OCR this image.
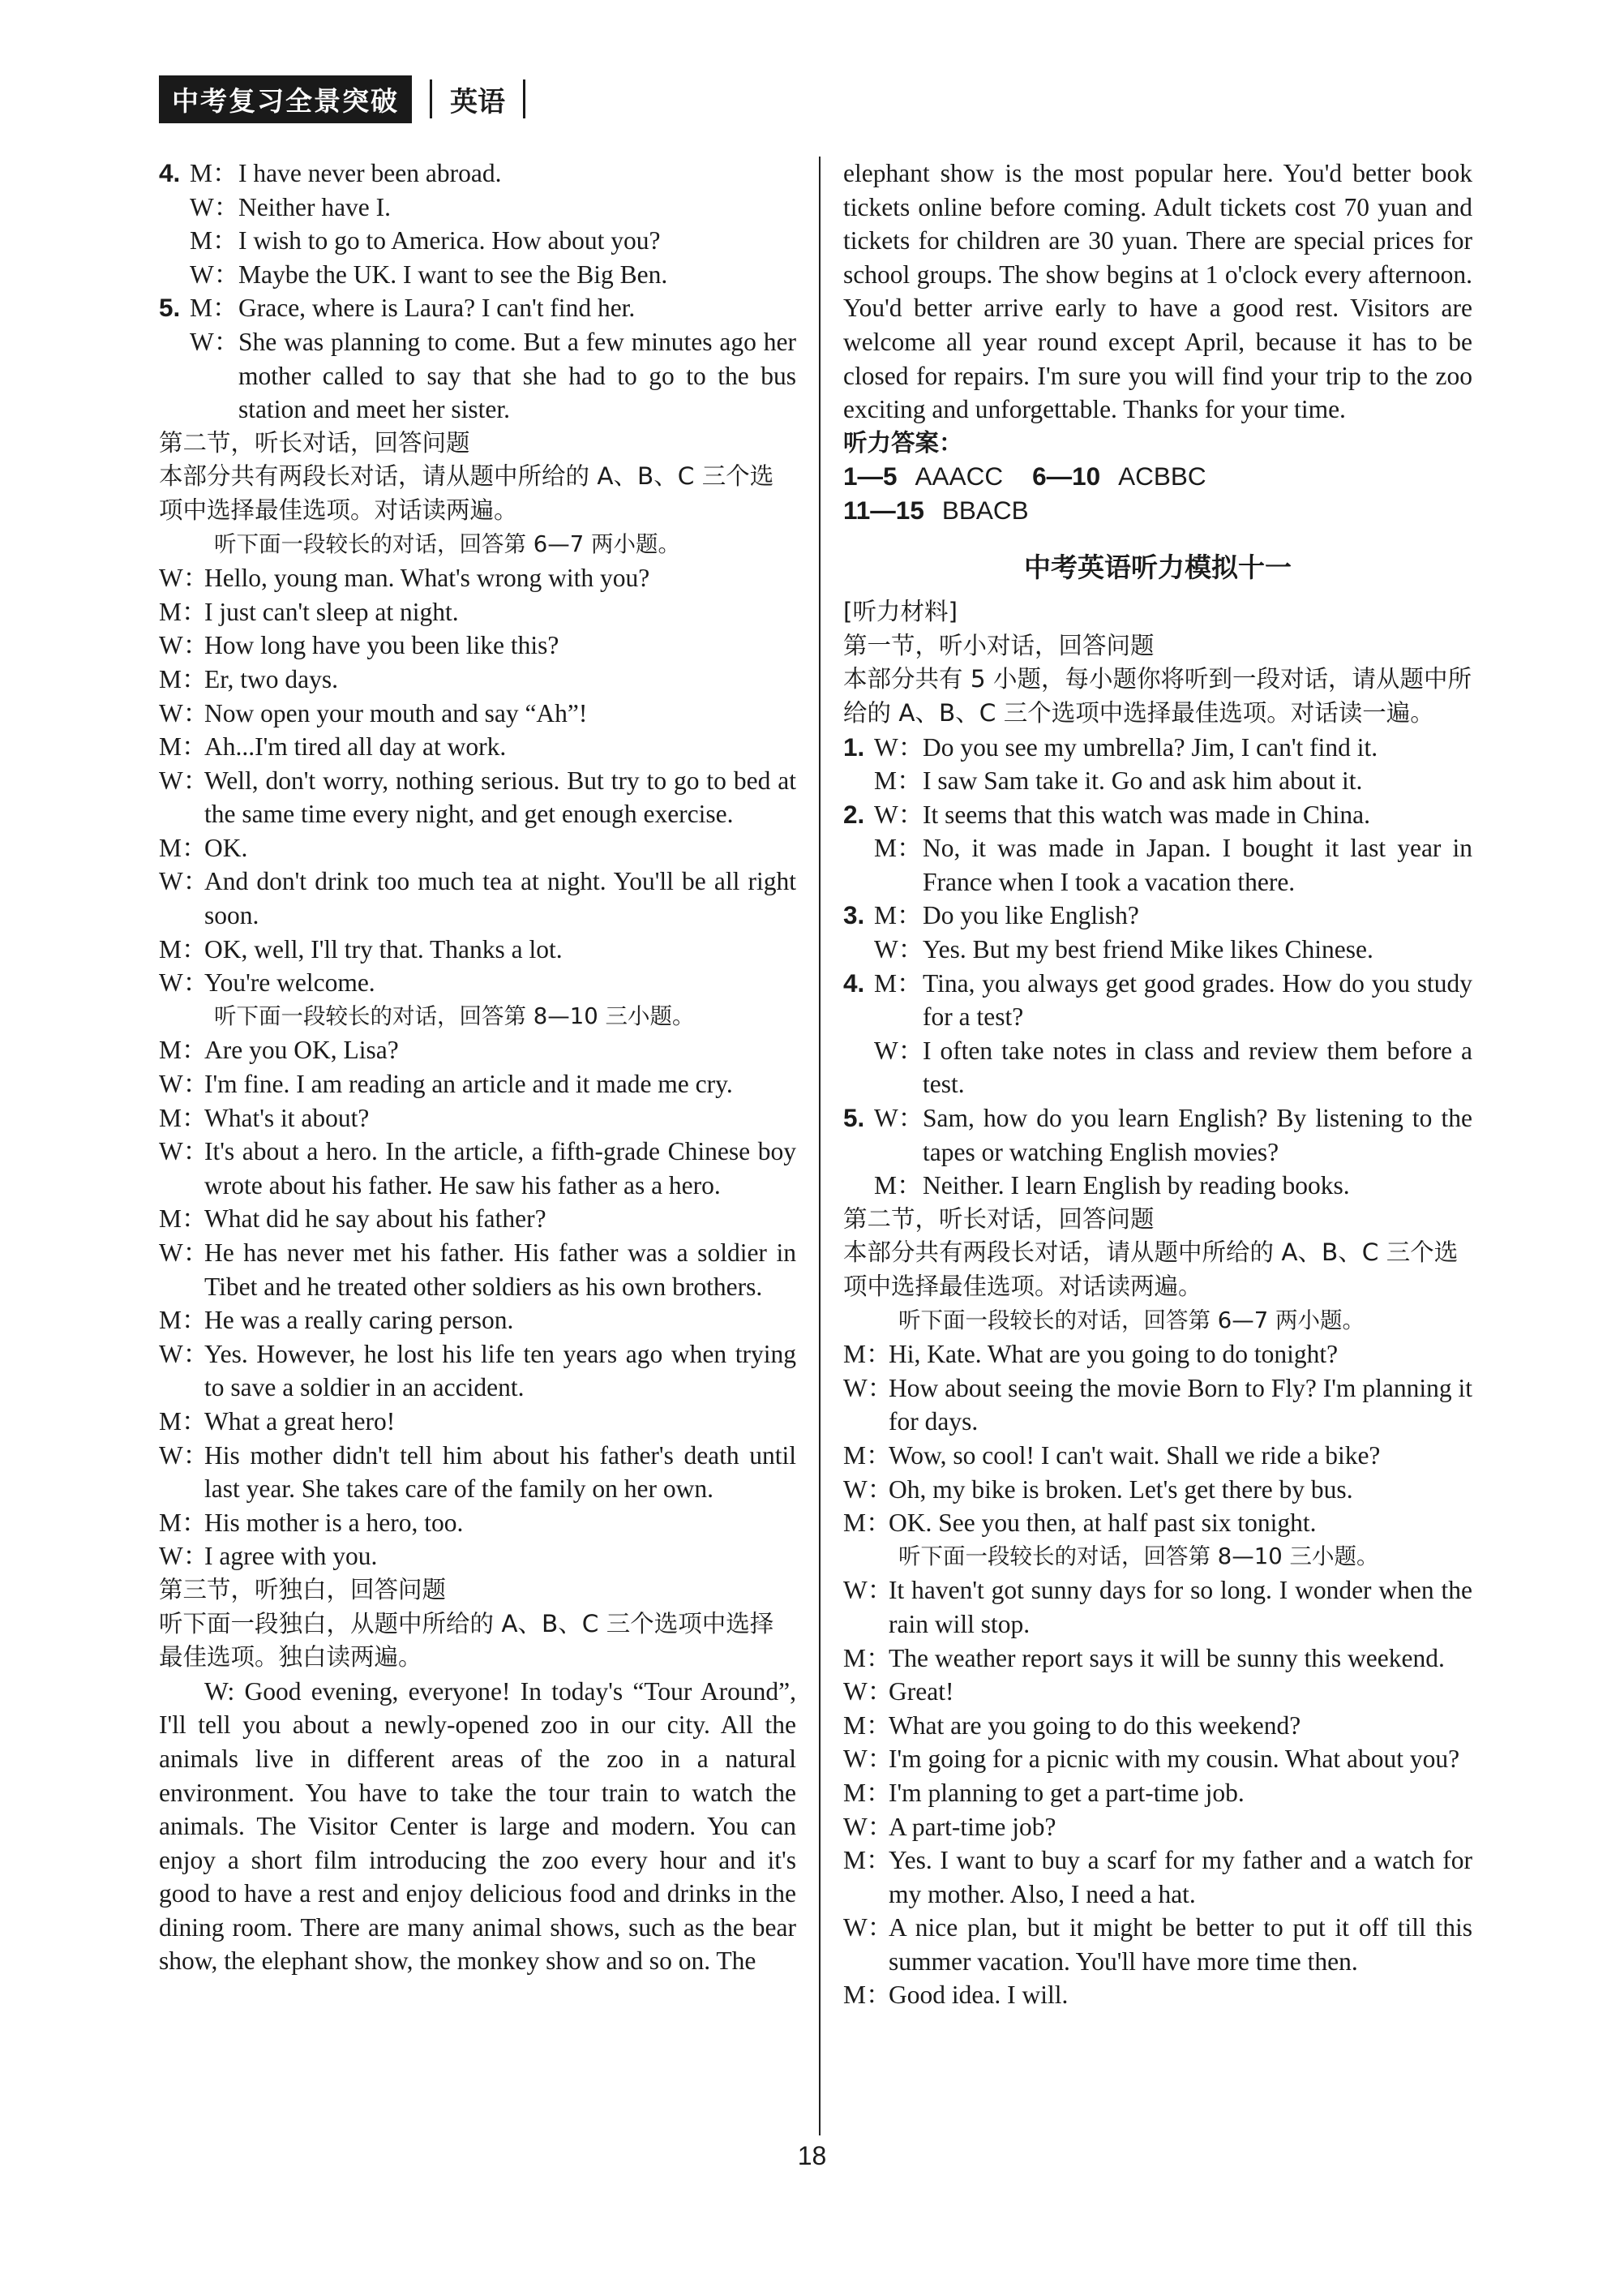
中考复习全景突破	英语
4. M： I have never been abroad.
W：
Neither have I.
M： I wish to go to America. How about you?
W：
Maybe the UK. I want to see the Big Ben.
5. M： Grace, where is Laura? I can't find her.
W：
She was planning to come. But a few minutes ago her mother called to say that she had to go to the bus station and meet her sister.
第二节，听长对话，回答问题
本部分共有两段长对话，请从题中所给的 A、B、C 三个选项中选择最佳选项。对话读两遍。
听下面一段较长的对话，回答第 6—7 两小题。
W：
Hello, young man. What's wrong with you?
M：
I just can't sleep at night.
W：
How long have you been like this?
M：
Er, two days.
W：
Now open your mouth and say “Ah”!
M：
Ah...I'm tired all day at work.
W：
Well, don't worry, nothing serious. But try to go to bed at the same time every night, and get enough exercise.
M：
OK.
W：
And don't drink too much tea at night. You'll be all right soon.
M：
OK, well, I'll try that. Thanks a lot.
W：
You're welcome.
听下面一段较长的对话，回答第 8—10 三小题。
M：
Are you OK, Lisa?
W：
I'm fine. I am reading an article and it made me cry.
M：
What's it about?
W：
It's about a hero. In the article, a fifth-grade Chinese boy wrote about his father. He saw his father as a hero.
M：
What did he say about his father?
W：
He has never met his father. His father was a soldier in Tibet and he treated other soldiers as his own brothers.
M：
He was a really caring person.
W：
Yes. However, he lost his life ten years ago when trying to save a soldier in an accident.
M：
What a great hero!
W：
His mother didn't tell him about his father's death until last year. She takes care of the family on her own.
M：
His mother is a hero, too.
W：
I agree with you.
第三节，听独白，回答问题
听下面一段独白，从题中所给的 A、B、C 三个选项中选择最佳选项。独白读两遍。
W: Good evening, everyone! In today's “Tour Around”, I'll tell you about a newly-opened zoo in our city. All the animals live in different areas of the zoo in a natural environment. You have to take the tour train to watch the animals. The Visitor Center is large and modern. You can enjoy a short film introducing the zoo every hour and it's good to have a rest and enjoy delicious food and drinks in the dining room. There are many animal shows, such as the bear show, the elephant show, the monkey show and so on. The
elephant show is the most popular here. You'd better book tickets online before coming. Adult tickets cost 70 yuan and tickets for children are 30 yuan. There are special prices for school groups. The show begins at 1 o'clock every afternoon. You'd better arrive early to have a good rest. Visitors are welcome all year round except April, because it has to be closed for repairs. I'm sure you will find your trip to the zoo exciting and unforgettable. Thanks for your time.
听力答案：
1—5 AAACC 6—10 ACBBC
11—15 BBACB
中考英语听力模拟十一
[听力材料]
第一节，听小对话，回答问题
本部分共有 5 小题，每小题你将听到一段对话，请从题中所给的 A、B、C 三个选项中选择最佳选项。对话读一遍。
1. W：
Do you see my umbrella? Jim, I can't find it.
M： I saw Sam take it. Go and ask him about it.
2. W：
It seems that this watch was made in China.
M： No, it was made in Japan. I bought it last year in France when I took a vacation there.
3. M： Do you like English?
W：
Yes. But my best friend Mike likes Chinese.
4. M： Tina, you always get good grades. How do you study for a test?
W：
I often take notes in class and review them before a test.
5. W：
Sam, how do you learn English? By listening to the tapes or watching English movies?
M： Neither. I learn English by reading books.
第二节，听长对话，回答问题
本部分共有两段长对话，请从题中所给的 A、B、C 三个选项中选择最佳选项。对话读两遍。
听下面一段较长的对话，回答第 6—7 两小题。
M：
Hi, Kate. What are you going to do tonight?
W：
How about seeing the movie Born to Fly? I'm planning it for days.
M：
Wow, so cool! I can't wait. Shall we ride a bike?
W：
Oh, my bike is broken. Let's get there by bus.
M：
OK. See you then, at half past six tonight.
听下面一段较长的对话，回答第 8—10 三小题。
W：
It haven't got sunny days for so long. I wonder when the rain will stop.
M：
The weather report says it will be sunny this weekend.
W：
Great!
M：
What are you going to do this weekend?
W：
I'm going for a picnic with my cousin. What about you?
M：
I'm planning to get a part-time job.
W：
A part-time job?
M：
Yes. I want to buy a scarf for my father and a watch for my mother. Also, I need a hat.
W：
A nice plan, but it might be better to put it off till this summer vacation. You'll have more time then.
M：
Good idea. I will.
18
